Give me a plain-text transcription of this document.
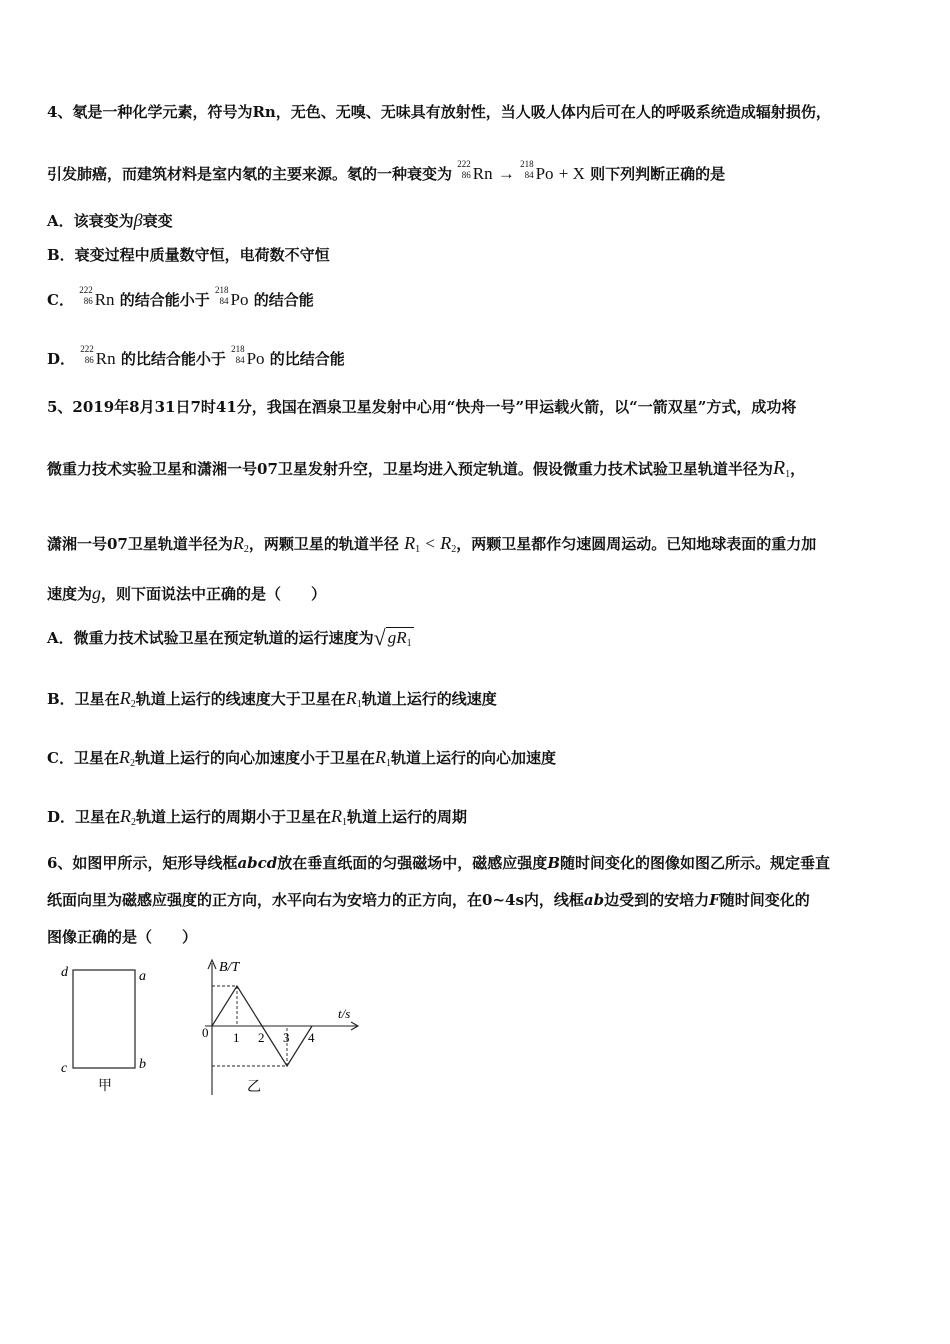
4、氡是一种化学元素，符号为Rn，无色、无嗅、无味具有放射性，当人吸人体内后可在人的呼吸系统造成辐射损伤，
引发肺癌，而建筑材料是室内氡的主要来源。氡的一种衰变为
222
86 Rn →
218
84 Po + X 则下列判断正确的是
A．该衰变为β衰变
B．衰变过程中质量数守恒，电荷数不守恒
C．
222
86 Rn 的结合能小于
218
84 Po 的结合能
D．
222
86 Rn 的比结合能小于
218
84 Po 的比结合能
5、2019年8月31日7时41分，我国在酒泉卫星发射中心用“快舟一号”甲运载火箭，以“一箭双星”方式，成功将
微重力技术实验卫星和潇湘一号07卫星发射升空，卫星均进入预定轨道。假设微重力技术试验卫星轨道半径为$R_1$，
潇湘一号07卫星轨道半径为$R_2$，两颗卫星的轨道半径 $R_1 < R_2$，两颗卫星都作匀速圆周运动。已知地球表面的重力加
速度为g，则下面说法中正确的是（　　）
A．微重力技术试验卫星在预定轨道的运行速度为√ $gR_1$
B．卫星在$R_2$轨道上运行的线速度大于卫星在$R_1$轨道上运行的线速度
C．卫星在$R_2$轨道上运行的向心加速度小于卫星在$R_1$轨道上运行的向心加速度
D．卫星在$R_2$轨道上运行的周期小于卫星在$R_1$轨道上运行的周期
6、如图甲所示，矩形导线框abcd放在垂直纸面的匀强磁场中，磁感应强度B随时间变化的图像如图乙所示。规定垂直
纸面向里为磁感应强度的正方向，水平向右为安培力的正方向，在0~4s内，线框ab边受到的安培力F随时间变化的
图像正确的是（　　）
d	a
c	b
甲
B/T
t/s
0 1 2 3 4
乙
